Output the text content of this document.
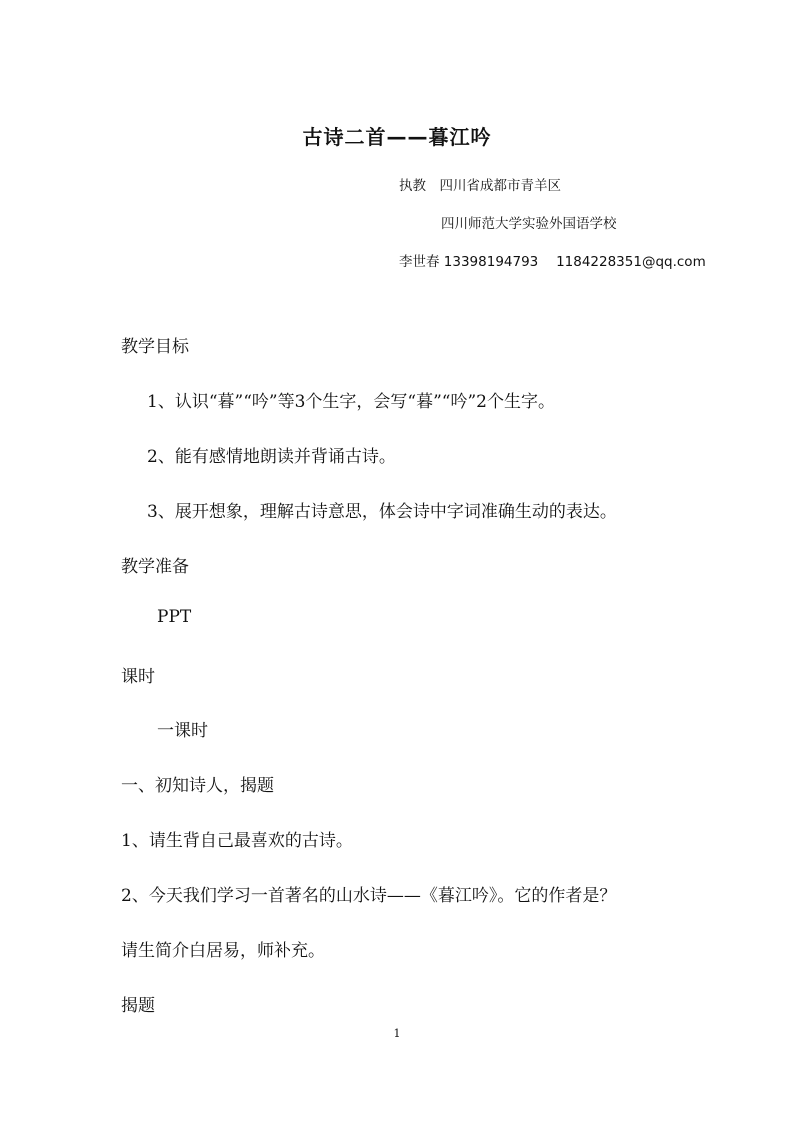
古诗二首——暮江吟
执教　四川省成都市青羊区
四川师范大学实验外国语学校
李世春 13398194793　 1184228351@qq.com
教学目标
1、认识“暮”“吟”等3个生字，会写“暮”“吟”2个生字。
2、能有感情地朗读并背诵古诗。
3、展开想象，理解古诗意思，体会诗中字词准确生动的表达。
教学准备
PPT
课时
一课时
一、初知诗人，揭题
1、请生背自己最喜欢的古诗。
2、今天我们学习一首著名的山水诗——《暮江吟》。它的作者是？
请生简介白居易，师补充。
揭题
1
